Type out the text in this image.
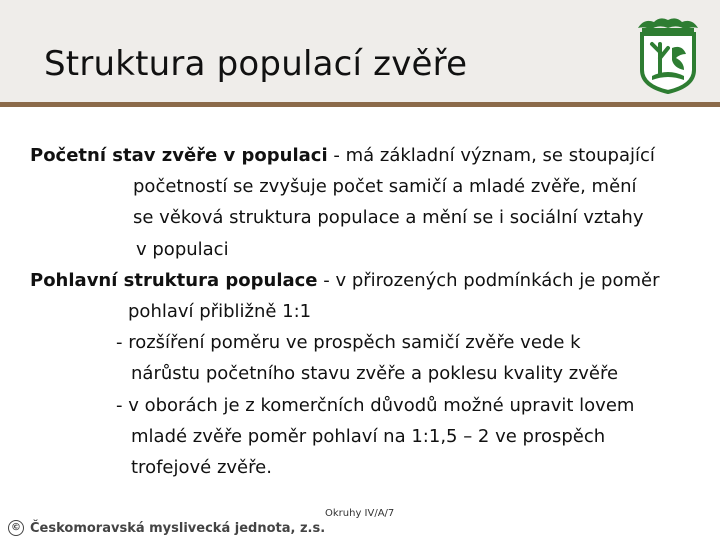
Struktura populací zvěře
Početní stav zvěře v populaci - má základní význam, se stoupající
početností se zvyšuje počet samičí a mladé zvěře, mění
se věková struktura populace a mění se i sociální vztahy
v populaci
Pohlavní struktura populace - v přirozených podmínkách je poměr
pohlaví přibližně 1:1
- rozšíření poměru ve prospěch samičí zvěře vede k
nárůstu početního stavu zvěře a poklesu kvality zvěře
- v oborách je z komerčních důvodů možné upravit lovem
mladé zvěře poměr pohlaví na 1:1,5 – 2 ve prospěch
trofejové zvěře.
Okruhy IV/A/7
© Českomoravská myslivecká jednota, z.s.
